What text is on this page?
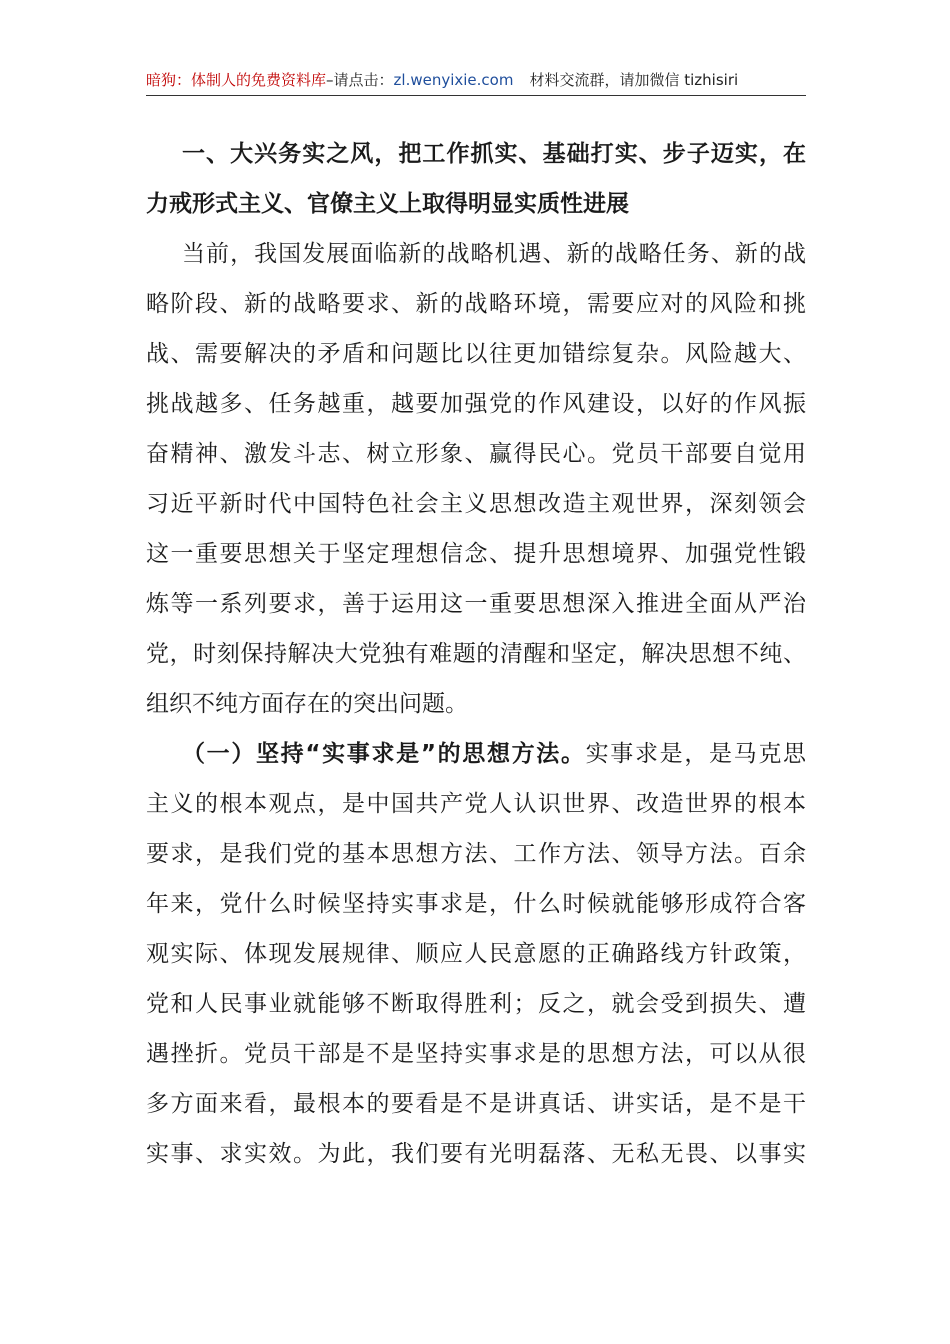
暗狗：体制人的免费资料库–请点击：zl.wenyixie.com 材料交流群，请加微信 tizhisiri
一、大兴务实之风，把工作抓实、基础打实、步子迈实，在
力戒形式主义、官僚主义上取得明显实质性进展
当前，我国发展面临新的战略机遇、新的战略任务、新的战
略阶段、新的战略要求、新的战略环境，需要应对的风险和挑
战、需要解决的矛盾和问题比以往更加错综复杂。风险越大、
挑战越多、任务越重，越要加强党的作风建设，以好的作风振
奋精神、激发斗志、树立形象、赢得民心。党员干部要自觉用
习近平新时代中国特色社会主义思想改造主观世界，深刻领会
这一重要思想关于坚定理想信念、提升思想境界、加强党性锻
炼等一系列要求，善于运用这一重要思想深入推进全面从严治
党，时刻保持解决大党独有难题的清醒和坚定，解决思想不纯、
组织不纯方面存在的突出问题。
（一）坚持“实事求是”的思想方法。实事求是，是马克思
主义的根本观点，是中国共产党人认识世界、改造世界的根本
要求，是我们党的基本思想方法、工作方法、领导方法。百余
年来，党什么时候坚持实事求是，什么时候就能够形成符合客
观实际、体现发展规律、顺应人民意愿的正确路线方针政策，
党和人民事业就能够不断取得胜利；反之，就会受到损失、遭
遇挫折。党员干部是不是坚持实事求是的思想方法，可以从很
多方面来看，最根本的要看是不是讲真话、讲实话，是不是干
实事、求实效。为此，我们要有光明磊落、无私无畏、以事实
